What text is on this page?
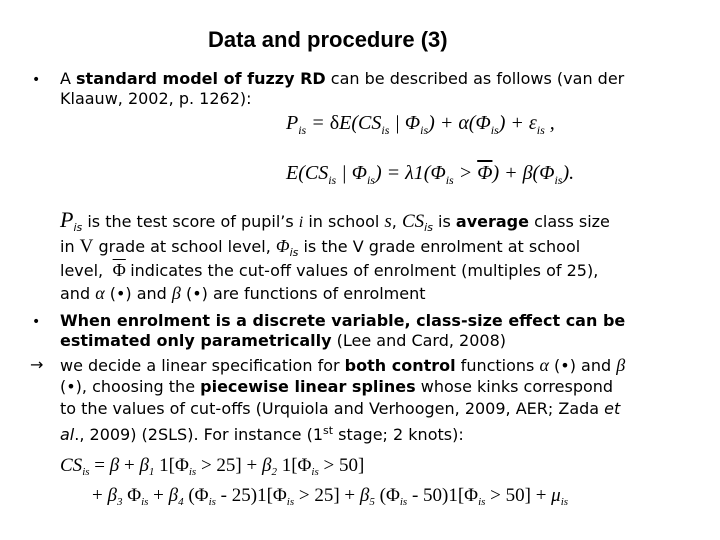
Data and procedure (3)
• A standard model of fuzzy RD can be described as follows (van der
Klaauw, 2002, p. 1262):
$P_{is} = \delta E(CS_{is}$ | $\Phi_{is}) + \alpha(\Phi_{is}) + \varepsilon_{is}$ ,
$E(CS_{is}$ | $\Phi_{is}) = \lambda 1(\Phi_{is} > \overline{\Phi}) + \beta(\Phi_{is})$.
$P_{is}$ is the test score of pupil’s i in school s, $CS_{is}$ is average class size
in V grade at school level, $\Phi_{is}$ is the V grade enrolment at school
level, $\overline{\Phi}$ indicates the cut-off values of enrolment (multiples of 25),
and α (•) and β (•) are functions of enrolment
• When enrolment is a discrete variable, class-size effect can be
estimated only parametrically (Lee and Card, 2008)
→ we decide a linear specification for both control functions α (•) and β
(•), choosing the piecewise linear splines whose kinks correspond
to the values of cut-offs (Urquiola and Verhoogen, 2009, AER; Zada et
al., 2009) (2SLS). For instance (1st stage; 2 knots):
$CS_{is} = \beta + \beta_1$ $1[\Phi_{is} > 25] + \beta_2$ $1[\Phi_{is} > 50]$
+ $\beta_3$ $\Phi_{is} + \beta_4$ $(\Phi_{is} - 25)1[\Phi_{is} > 25] + \beta_5$ $(\Phi_{is} - 50)1[\Phi_{is} > 50] + \mu_{is}$
